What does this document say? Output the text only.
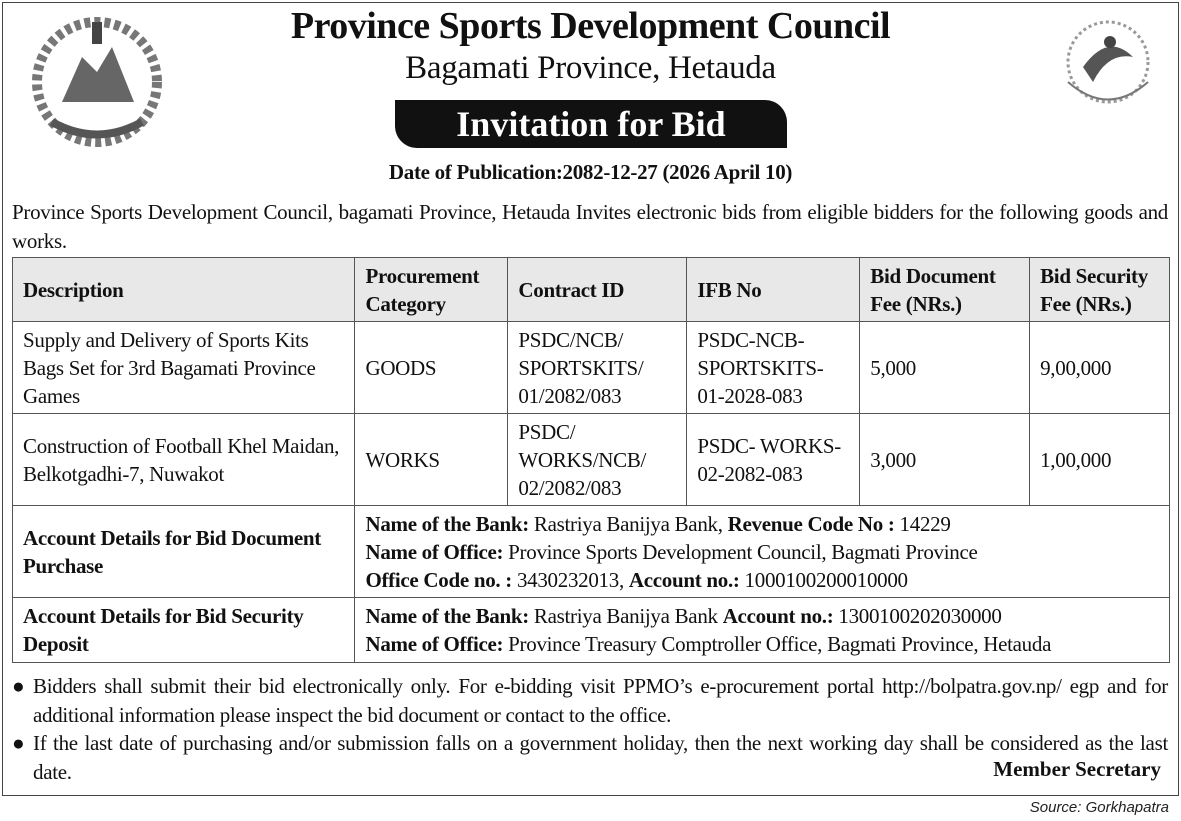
Province Sports Development Council
Bagamati Province, Hetauda
Invitation for Bid
Date of Publication:2082-12-27 (2026 April 10)
Province Sports Development Council, bagamati Province, Hetauda Invites electronic bids from eligible bidders for the following goods and works.
Description	Procurement Category	Contract ID	IFB No	Bid Document Fee (NRs.)	Bid Security Fee (NRs.)
Supply and Delivery of Sports Kits Bags Set for 3rd Bagamati Province Games	GOODS	PSDC/NCB/ SPORTSKITS/ 01/2082/083	PSDC-NCB- SPORTSKITS- 01-2028-083	5,000	9,00,000
Construction of Football Khel Maidan, Belkotgadhi-7, Nuwakot	WORKS	PSDC/ WORKS/NCB/ 02/2082/083	PSDC- WORKS- 02-2082-083	3,000	1,00,000
Account Details for Bid Document Purchase	Name of the Bank: Rastriya Banijya Bank, Revenue Code No : 14229
Name of Office: Province Sports Development Council, Bagmati Province
Office Code no. : 3430232013, Account no.: 1000100200010000				

Account Details for Bid Security Deposit	Name of the Bank: Rastriya Banijya Bank Account no.: 1300100202030000
Name of Office: Province Treasury Comptroller Office, Bagmati Province, Hetauda				
● Bidders shall submit their bid electronically only. For e-bidding visit PPMO’s e-procurement portal http://bolpatra.gov.np/ egp and for additional information please inspect the bid document or contact to the office.
● If the last date of purchasing and/or submission falls on a government holiday, then the next working day shall be considered as the last date.	Member Secretary
Source: Gorkhapatra
